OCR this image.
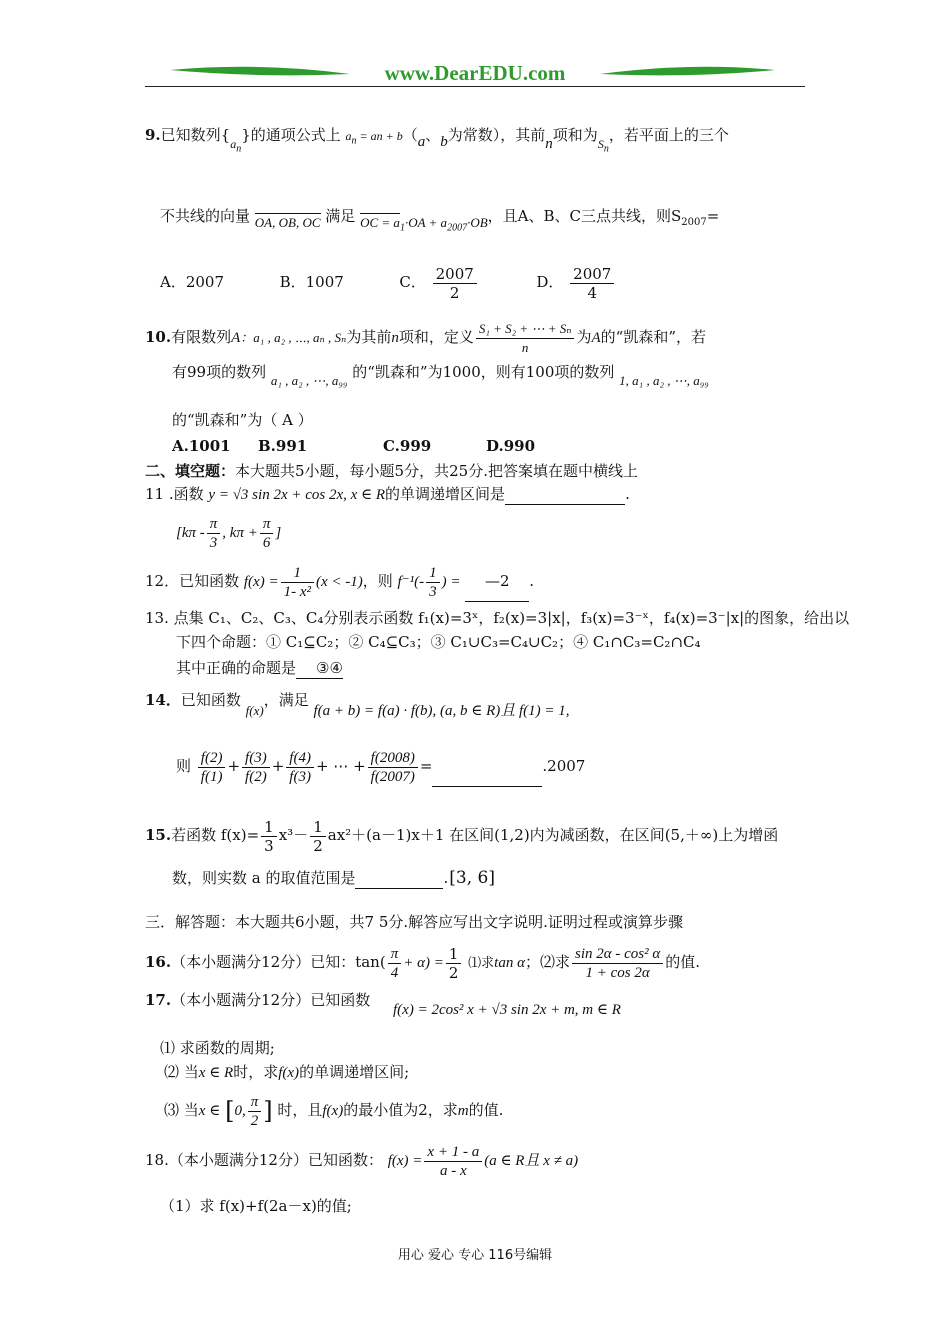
www.DearEDU.com
9.已知数列$\{_{a_n}\}$的通项公式上 $a_n$ = an + b（a、b为常数），其前n项和为$_{S_n}$，若平面上的三个
不共线的向量 OA, OB, OC 满足 OC = $a_1\cdot OA + a_{2007}\cdot OB$，且A、B、C三点共线，则$S_{2007}=$
A．2007	B．1007	C． $\frac{2007}{2}$	D． $\frac{2007}{4}$
10.有限数列A：a₁ , a₂ , ⋯, aₙ , Sₙ为其前n项和，定义 $\frac{\text{S₁ + S₂ + ⋯ + Sₙ}}{n}$ 为A的“凯森和”，若
有99项的数列 a₁ , a₂ , ⋯, a₉₉ 的“凯森和”为1000，则有100项的数列 1, a₁ , a₂ , ⋯, a₉₉
的“凯森和”为（ A ）
A.1001 B.991	C.999	D.990
二、填空题：本大题共5小题，每小题5分，共25分.把答案填在题中横线上
11 .函数 y = √3 sin 2x + cos 2x, x ∈ R的单调递增区间是	.
[$k\pi - \frac{\pi}{3}$ , $k\pi + \frac{\pi}{6}$ ]
12．已知函数 $f(x) = \frac{1}{\text{1- x²}} (x < -1)$，则 $f^{-1}(- \frac{1}{3}$ ) = —2 .
13. 点集 C₁、C₂、C₃、C₄分别表示函数 f₁(x)=3ˣ，f₂(x)=3|x|，f₃(x)=3⁻ˣ，f₄(x)=3⁻|x|的图象，给出以
下四个命题：① C₁⊆C₂；② C₄⊆C₃；③ C₁∪C₃=C₄∪C₂；④ C₁∩C₃=C₂∩C₄
其中正确的命题是 ③④
14．已知函数 f(x)，满足 f(a + b) = f(a) · f(b), (a, b ∈ R)且 f(1) = 1,
则 $\frac{f(2)}{f(1)} + \frac{f(3)}{f(2)} + \frac{f(4)}{f(3)}$ + ⋯ + $\frac{f(2008)}{f(2007)}$ =	.2007
15.若函数 $f(x)= \frac{1}{3} x^3- \frac{1}{2} ax^2+(a-1)x+1$ 在区间(1,2)内为减函数，在区间(5,＋∞)上为增函
数，则实数 a 的取值范围是	.[3, 6]
三．解答题：本大题共6小题，共7 5分.解答应写出文字说明.证明过程或演算步骤
16.（本小题满分12分）已知：$\tan( \frac{\pi}{4} + \alpha) = \frac{1}{2}$ ⑴求tan α；⑵求 $\frac{\text{sin 2α - cos² α}}{1 + \cos 2\alpha}$ 的值.
17.（本小题满分12分）已知函数
f(x) = 2cos² x + √3 sin 2x + m, m ∈ R
⑴ 求函数的周期;
⑵ 当x ∈ R时，求f(x)的单调递增区间;
⑶ 当x ∈ [0, $\frac{\pi}{2}$ ] 时，且f(x)的最小值为2，求m的值.
18.（本小题满分12分）已知函数： $f(x) = \frac{x + 1 - a}{a - x} (a$ ∈ R且 x ≠ a)
（1）求 f(x)+f(2a－x)的值;
用心 爱心 专心 116号编辑
